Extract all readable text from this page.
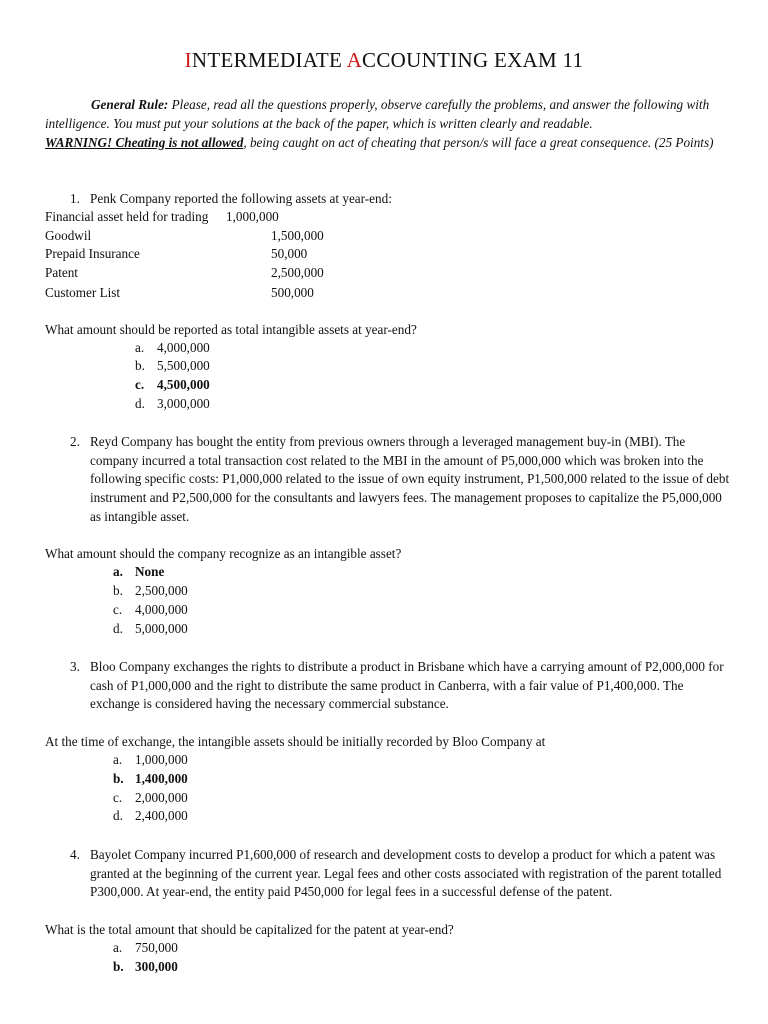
INTERMEDIATE ACCOUNTING EXAM 11
General Rule: Please, read all the questions properly, observe carefully the problems, and answer the following with intelligence. You must put your solutions at the back of the paper, which is written clearly and readable.
WARNING! Cheating is not allowed, being caught on act of cheating that person/s will face a great consequence. (25 Points)
1. Penk Company reported the following assets at year-end:
Financial asset held for trading 1,000,000
Goodwil	1,500,000
Prepaid Insurance	50,000
Patent	2,500,000
Customer List	500,000
What amount should be reported as total intangible assets at year-end?
a. 4,000,000
b. 5,500,000
c. 4,500,000
d. 3,000,000
2. Reyd Company has bought the entity from previous owners through a leveraged management buy-in (MBI). The company incurred a total transaction cost related to the MBI in the amount of P5,000,000 which was broken into the following specific costs: P1,000,000 related to the issue of own equity instrument, P1,500,000 related to the issue of debt instrument and P2,500,000 for the consultants and lawyers fees. The management proposes to capitalize the P5,000,000 as intangible asset.
What amount should the company recognize as an intangible asset?
a. None
b. 2,500,000
c. 4,000,000
d. 5,000,000
3. Bloo Company exchanges the rights to distribute a product in Brisbane which have a carrying amount of P2,000,000 for cash of P1,000,000 and the right to distribute the same product in Canberra, with a fair value of P1,400,000. The exchange is considered having the necessary commercial substance.
At the time of exchange, the intangible assets should be initially recorded by Bloo Company at
a. 1,000,000
b. 1,400,000
c. 2,000,000
d. 2,400,000
4. Bayolet Company incurred P1,600,000 of research and development costs to develop a product for which a patent was granted at the beginning of the current year. Legal fees and other costs associated with registration of the parent totalled P300,000. At year-end, the entity paid P450,000 for legal fees in a successful defense of the patent.
What is the total amount that should be capitalized for the patent at year-end?
a. 750,000
b. 300,000
